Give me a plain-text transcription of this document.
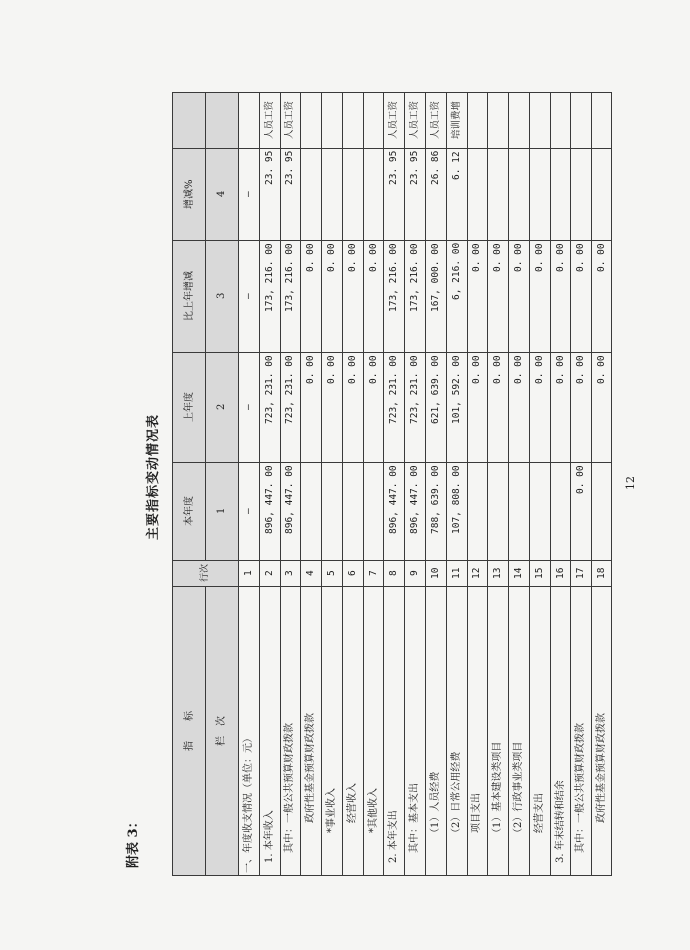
附表 3：
主要指标变动情况表	12
增减% 4
比上年增减 3
上年度 2
本年度 1
行次
指　　标 栏　次
一、年度收支情况（单位：元）
1
—
—
—
—
　1. 本年收入
2
896, 447. 00
723, 231. 00
173, 216. 00
23. 95
人员工资
　　其中：一般公共预算财政拨款
3
896, 447. 00
723, 231. 00
173, 216. 00
23. 95
人员工资
　　　　　政府性基金预算财政拨款
4
0. 00
0. 00
　　　　*事业收入
5
0. 00
0. 00
　　　　　经营收入
6
0. 00
0. 00
　　　　*其他收入
7
0. 00
0. 00
　2. 本年支出
8
896, 447. 00
723, 231. 00
173, 216. 00
23. 95
人员工资
　　其中：基本支出
9
896, 447. 00
723, 231. 00
173, 216. 00
23. 95
人员工资
　　　　（1）人员经费
10
788, 639. 00
621, 639. 00
167, 000. 00
26. 86
人员工资
　　　　（2）日常公用经费
11
107, 808. 00
101, 592. 00
6, 216. 00
6. 12
培训费增
　　　　项目支出
12
0. 00
0. 00
　　　　（1）基本建设类项目
13
0. 00
0. 00
　　　　（2）行政事业类项目
14
0. 00
0. 00
　　　　经营支出
15
0. 00
0. 00
　3. 年末结转和结余
16
0. 00
0. 00
　　其中：一般公共预算财政拨款
17
0. 00
0. 00
0. 00
　　　　　政府性基金预算财政拨款
18
0. 00
0. 00
